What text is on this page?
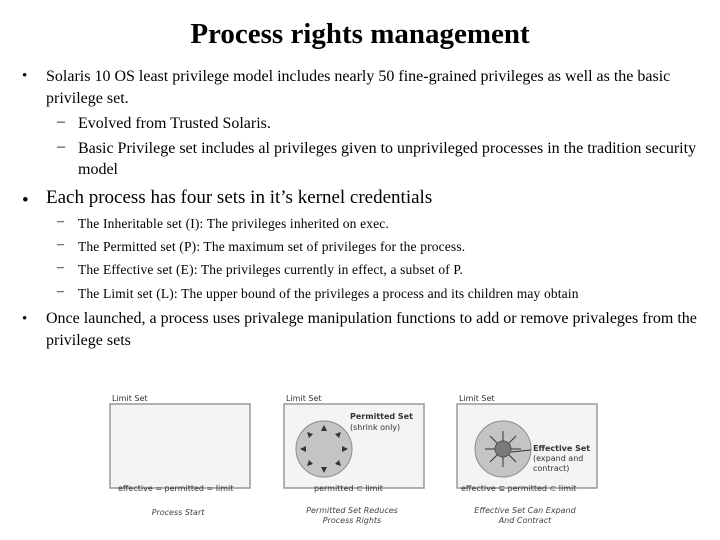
Process rights management
• Solaris 10 OS least privilege model includes nearly 50 fine-grained privileges as well as the basic privilege set.
– Evolved from Trusted Solaris.
– Basic Privilege set includes al privileges given to unprivileged processes in the tradition security model
• Each process has four sets in it’s kernel credentials
– The Inheritable set (I): The privileges inherited on exec.
– The Permitted set (P): The maximum set of privileges for the process.
– The Effective set (E): The privileges currently in effect, a subset of P.
– The Limit set (L): The upper bound of the privileges a process and its children may obtain
• Once launched, a process uses privalege manipulation functions to add or remove privaleges from the privilege sets
Limit Set
effective = permitted = limit
Process Start
Limit Set
Permitted Set
(shrink only)
permitted ⊂ limit
Permitted Set Reduces
Process Rights
Limit Set
Effective Set
(expand and
contract)
effective ⊆ permitted ⊂ limit
Effective Set Can Expand
And Contract
